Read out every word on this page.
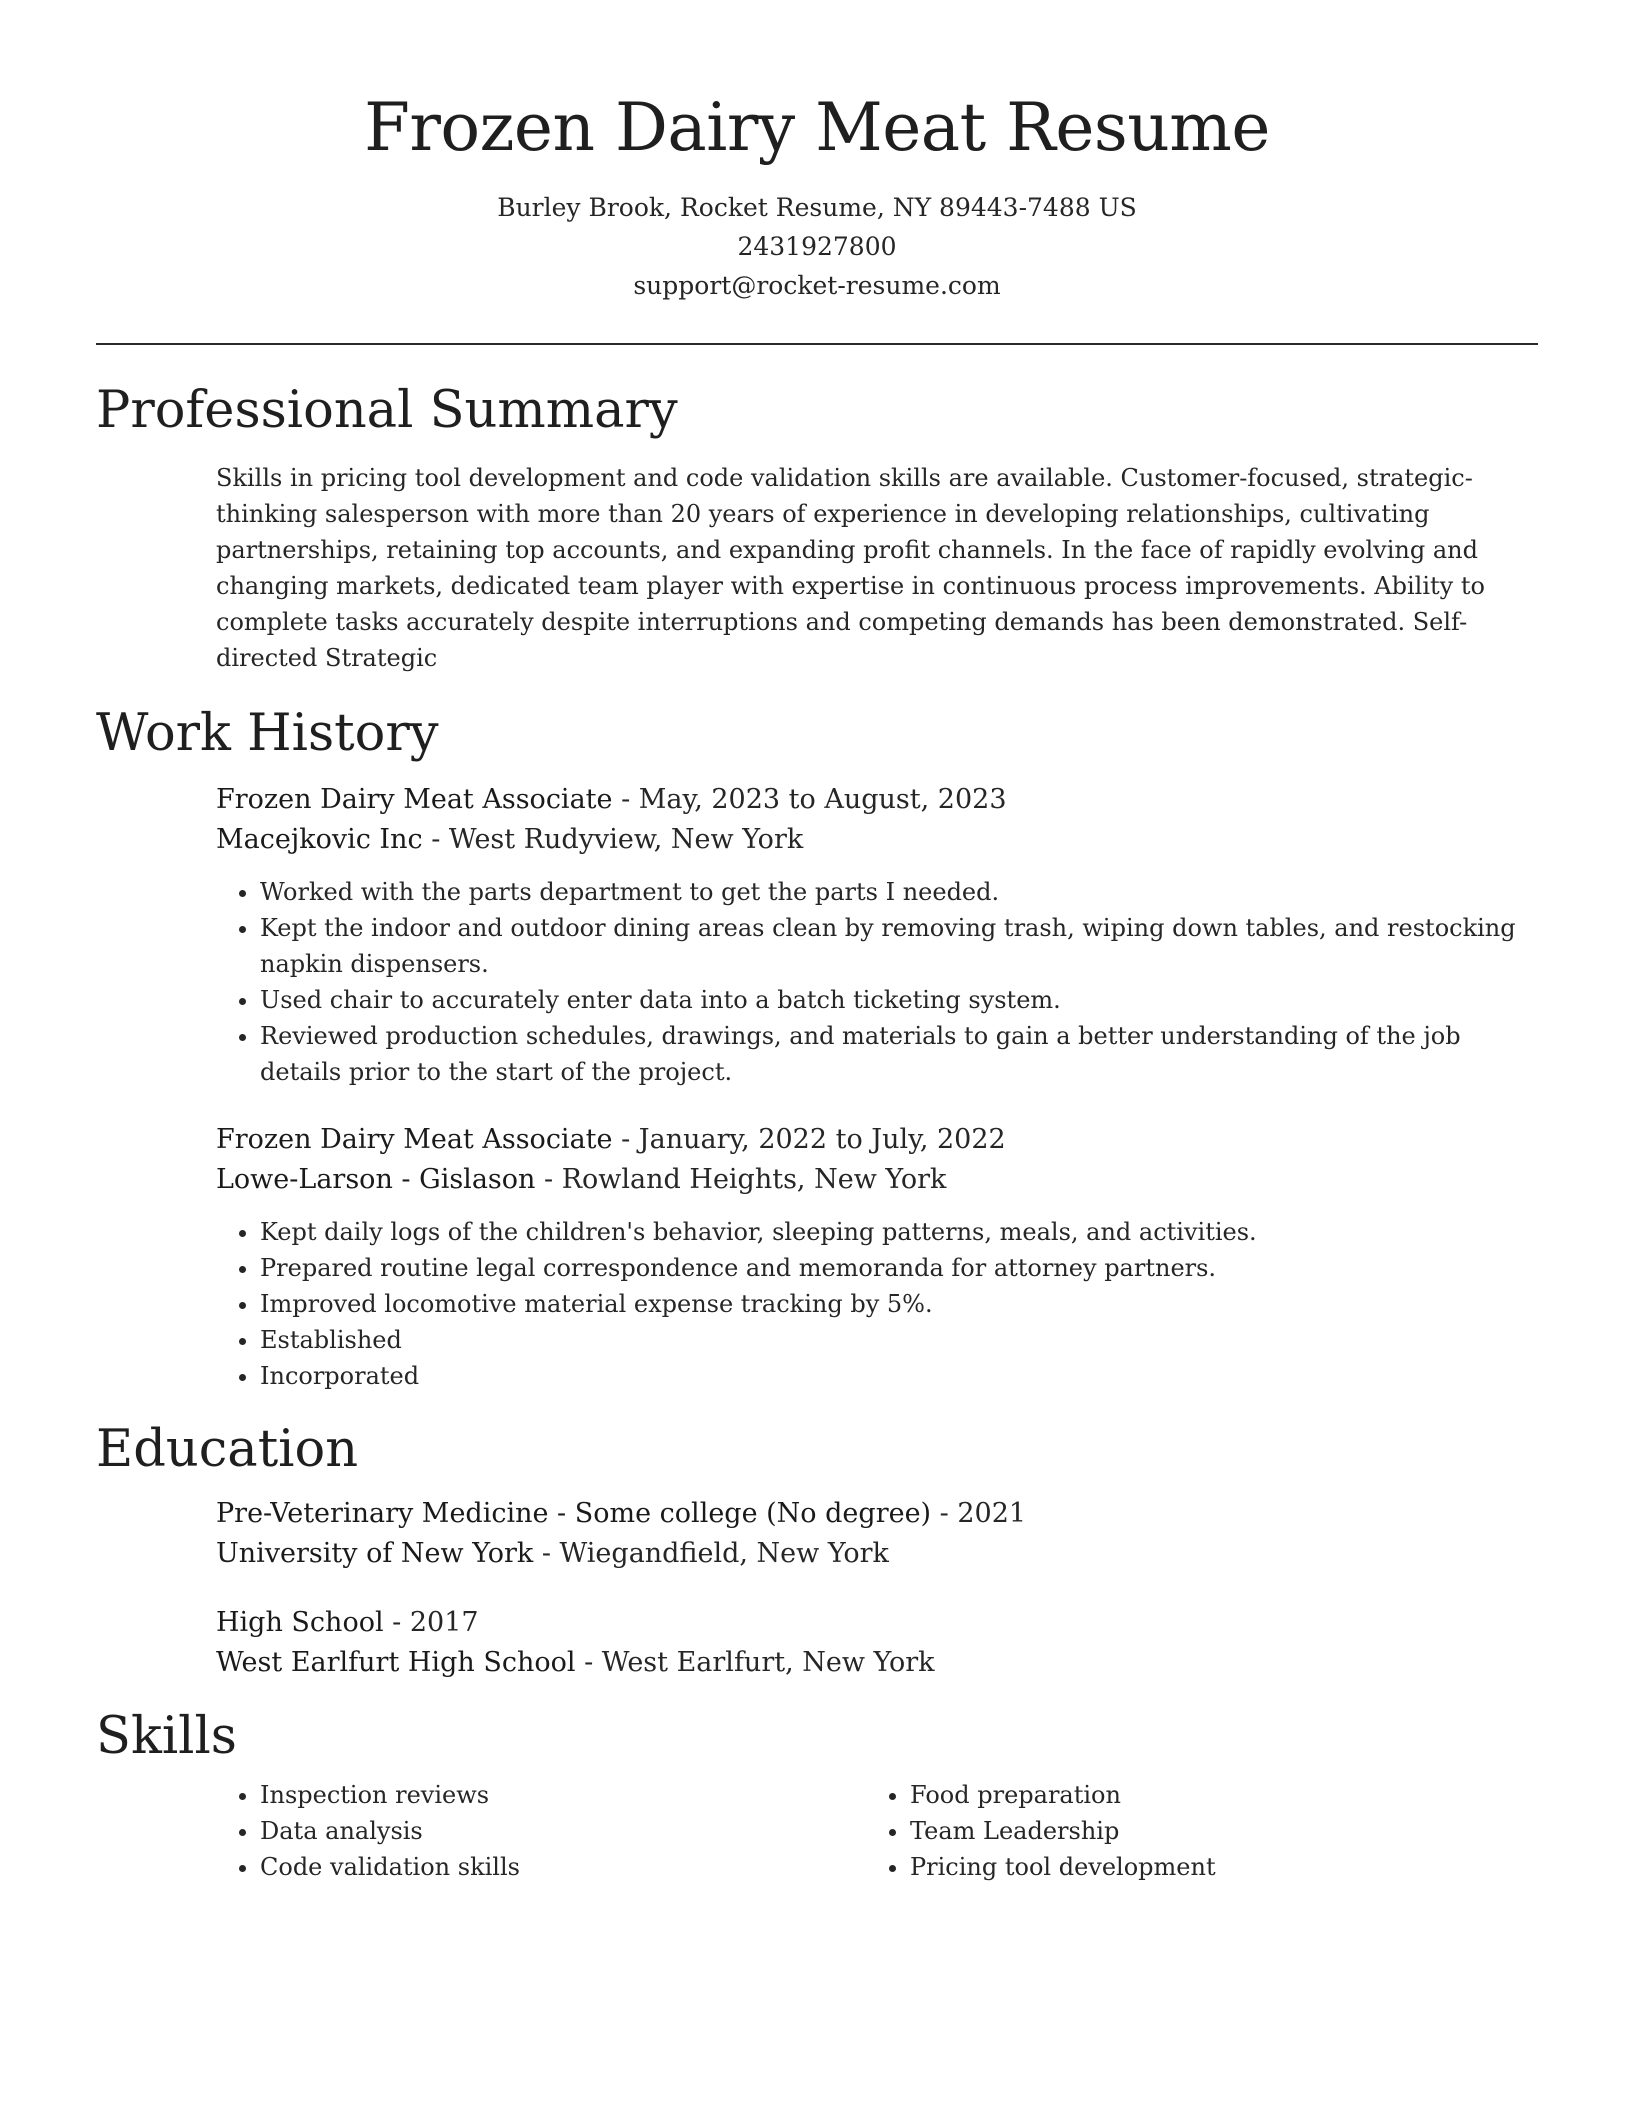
Frozen Dairy Meat Resume
Burley Brook, Rocket Resume, NY 89443-7488 US
2431927800
support@rocket-resume.com
Professional Summary
Skills in pricing tool development and code validation skills are available. Customer-focused, strategic-thinking salesperson with more than 20 years of experience in developing relationships, cultivating partnerships, retaining top accounts, and expanding profit channels. In the face of rapidly evolving and changing markets, dedicated team player with expertise in continuous process improvements. Ability to complete tasks accurately despite interruptions and competing demands has been demonstrated. Self-directed Strategic
Work History
Frozen Dairy Meat Associate - May, 2023 to August, 2023
Macejkovic Inc - West Rudyview, New York
• Worked with the parts department to get the parts I needed.
• Kept the indoor and outdoor dining areas clean by removing trash, wiping down tables, and restocking napkin dispensers.
• Used chair to accurately enter data into a batch ticketing system.
• Reviewed production schedules, drawings, and materials to gain a better understanding of the job details prior to the start of the project.
Frozen Dairy Meat Associate - January, 2022 to July, 2022
Lowe-Larson - Gislason - Rowland Heights, New York
• Kept daily logs of the children's behavior, sleeping patterns, meals, and activities.
• Prepared routine legal correspondence and memoranda for attorney partners.
• Improved locomotive material expense tracking by 5%.
• Established
• Incorporated
Education
Pre-Veterinary Medicine - Some college (No degree) - 2021
University of New York - Wiegandfield, New York
High School - 2017
West Earlfurt High School - West Earlfurt, New York
Skills
• Inspection reviews
• Data analysis
• Code validation skills
• Food preparation
• Team Leadership
• Pricing tool development
